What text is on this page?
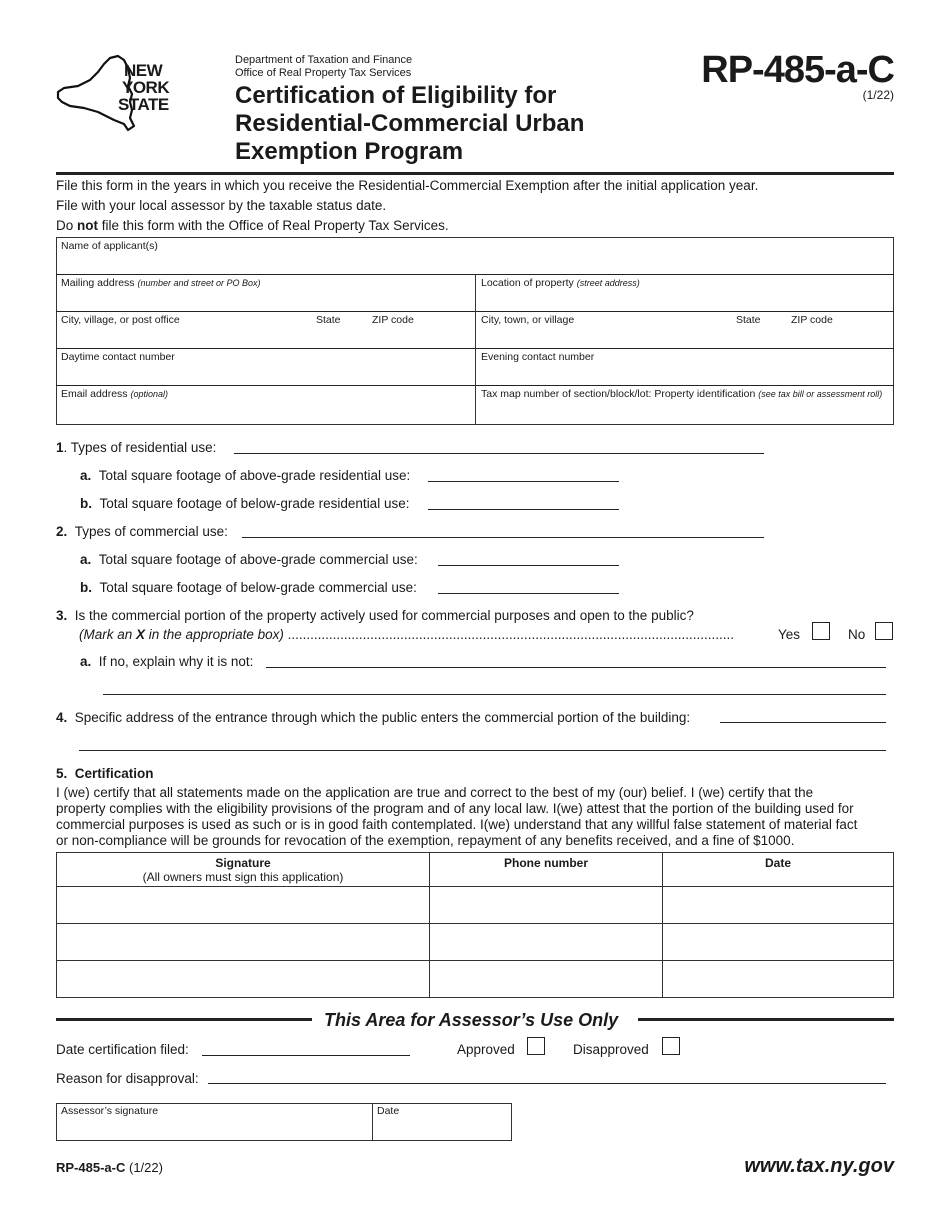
NEW
YORK
STATE
Department of Taxation and Finance
Office of Real Property Tax Services
Certification of Eligibility for
Residential-Commercial Urban
Exemption Program
RP-485-a-C
(1/22)
File this form in the years in which you receive the Residential-Commercial Exemption after the initial application year.
File with your local assessor by the taxable status date.
Do not file this form with the Office of Real Property Tax Services.
Name of applicant(s)
Mailing address (number and street or PO Box)	Location of property (street address)
City, village, or post office	State	ZIP code	City, town, or village	State	ZIP code
Daytime contact number	Evening contact number
Email address (optional)	Tax map number of section/block/lot: Property identification (see tax bill or assessment roll)
1. Types of residential use:
a. Total square footage of above-grade residential use:
b. Total square footage of below-grade residential use:
2. Types of commercial use:
a. Total square footage of above-grade commercial use:
b. Total square footage of below-grade commercial use:
3. Is the commercial portion of the property actively used for commercial purposes and open to the public?
(Mark an X in the appropriate box) .......................................................................................................................	Yes	No
a. If no, explain why it is not:
4. Specific address of the entrance through which the public enters the commercial portion of the building:
5. Certification
I (we) certify that all statements made on the application are true and correct to the best of my (our) belief. I (we) certify that the
property complies with the eligibility provisions of the program and of any local law. I(we) attest that the portion of the building used for
commercial purposes is used as such or is in good faith contemplated. I(we) understand that any willful false statement of material fact
or non-compliance will be grounds for revocation of the exemption, repayment of any benefits received, and a fine of $1000.
Signature
(All owners must sign this application)	Phone number	Date

This Area for Assessor’s Use Only
Date certification filed:	Approved	Disapproved
Reason for disapproval:
Assessor’s signature	Date
RP-485-a-C (1/22)	www.tax.ny.gov
